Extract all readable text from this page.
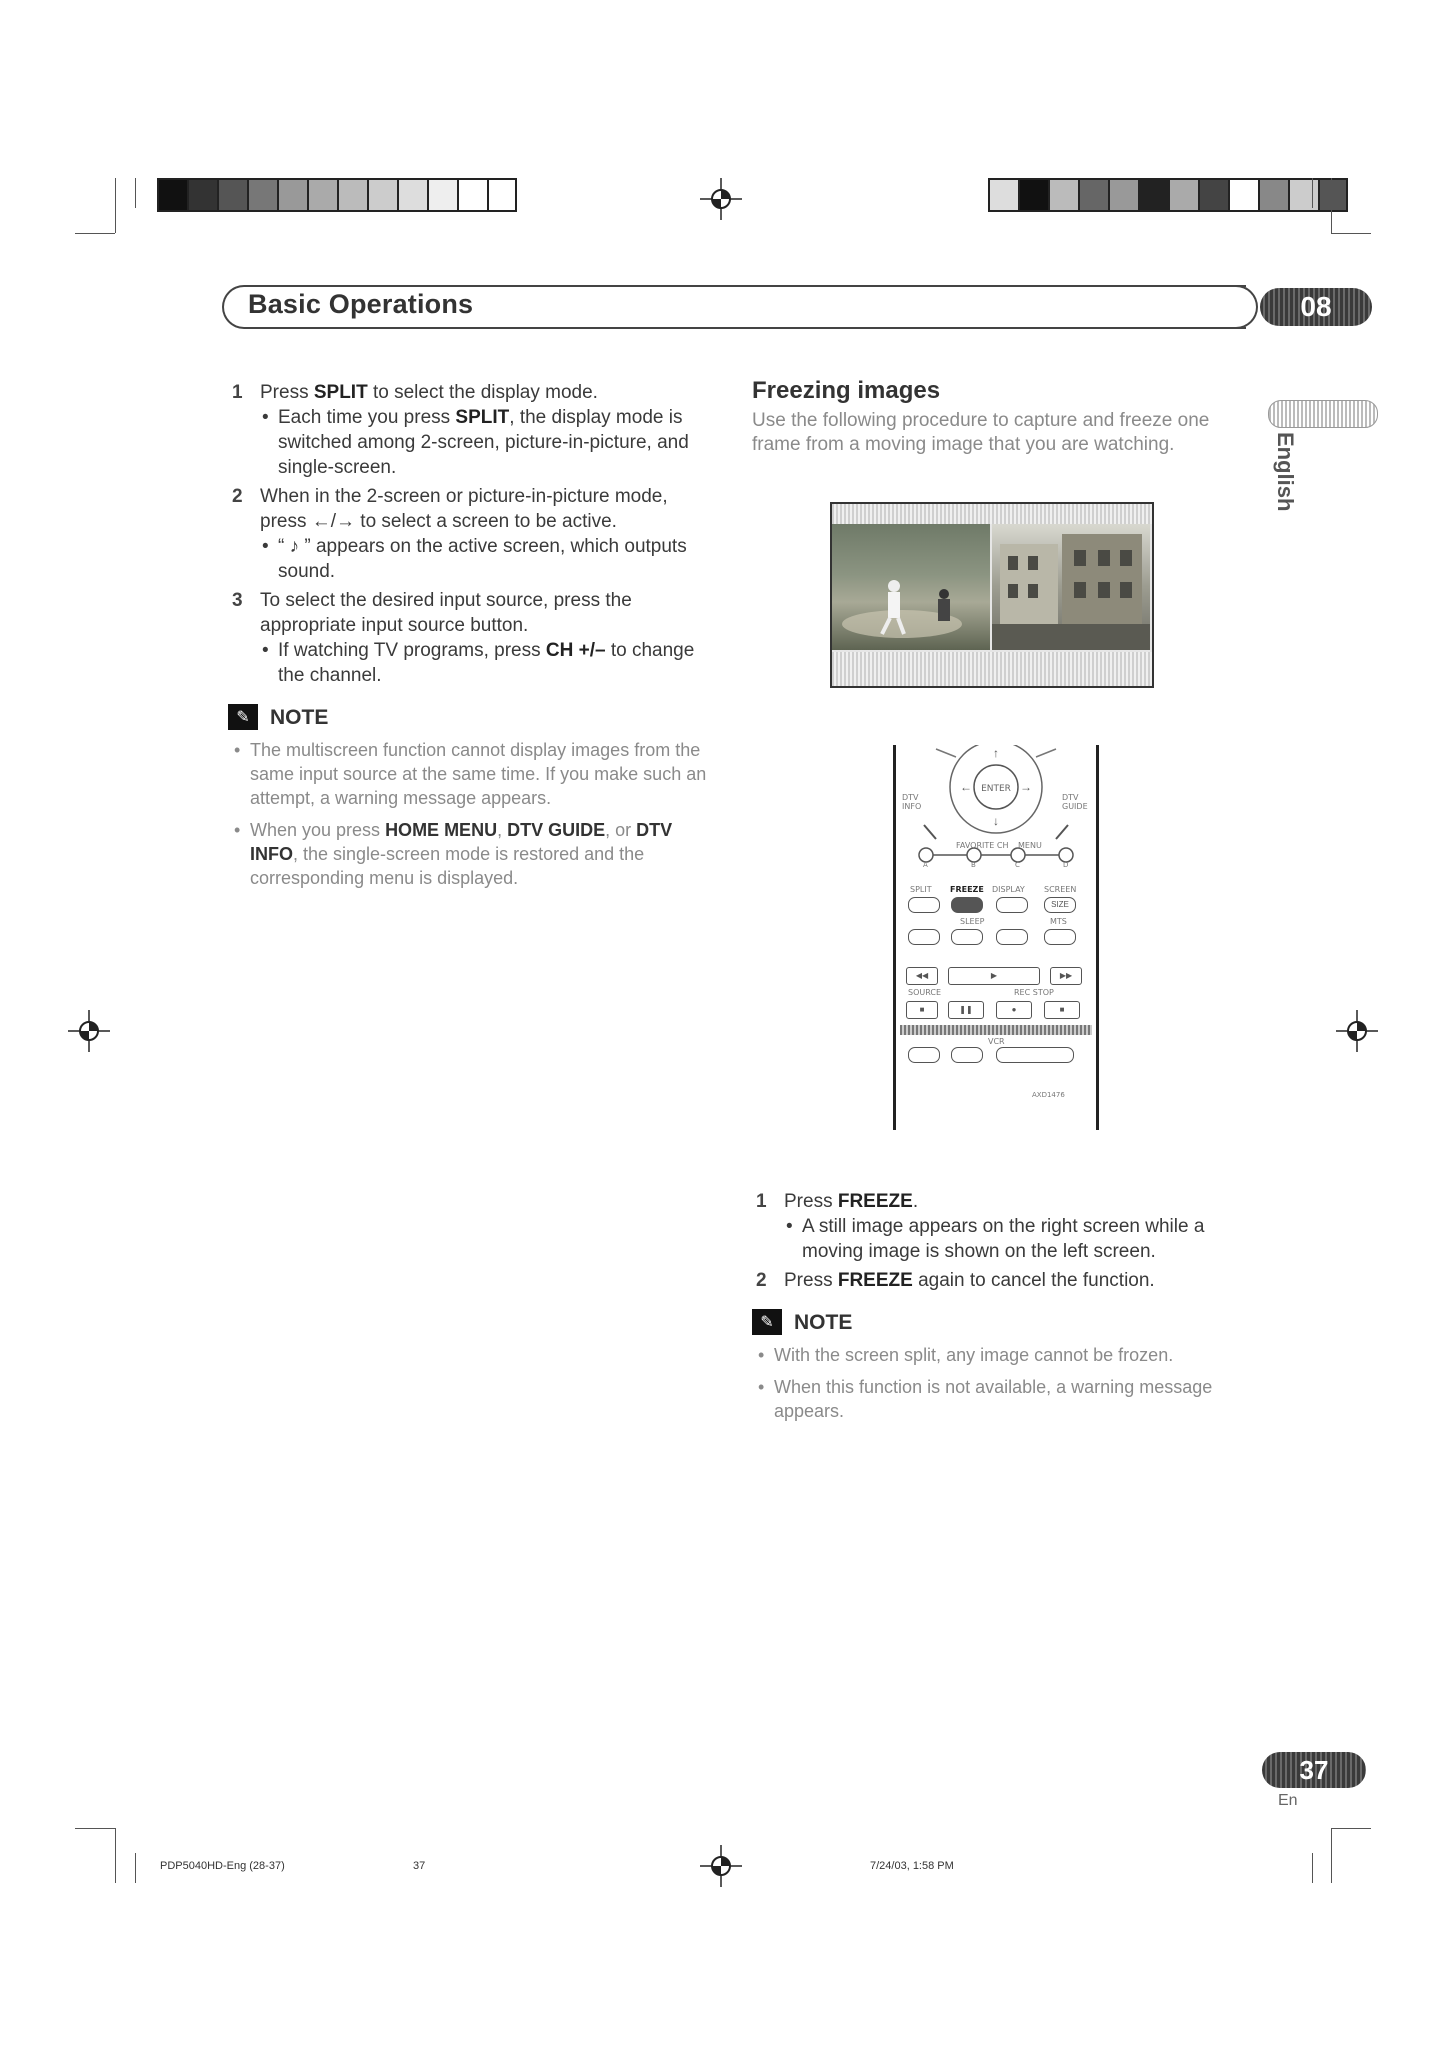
Basic Operations	08
English

1 Press SPLIT to select the display mode.

• Each time you press SPLIT, the display mode is switched among 2-screen, picture-in-picture, and single-screen.

2 When in the 2-screen or picture-in-picture mode, press ←/→ to select a screen to be active.

• “ ♪ ” appears on the active screen, which outputs sound.

3 To select the desired input source, press the appropriate input source button.

• If watching TV programs, press CH +/– to change the channel.

✎ NOTE

• The multiscreen function cannot display images from the same input source at the same time. If you make such an attempt, a warning message appears.

• When you press HOME MENU, DTV GUIDE, or DTV INFO, the single-screen mode is restored and the corresponding menu is displayed.

Freezing images
Use the following procedure to capture and freeze one frame from a moving image that you are watching.
ENTER
←	→
↑
↓
DTV INFO
DTV GUIDE
FAVORITE CH MENU
A	B	C	D
SPLIT FREEZE DISPLAY SCREEN
SIZE
SLEEP	MTS
◀◀	▶	▶▶
SOURCE	REC STOP
■	❚❚	●	■
VCR
AXD1476

1 Press FREEZE.

• A still image appears on the right screen while a moving image is shown on the left screen.

2 Press FREEZE again to cancel the function.

✎ NOTE

• With the screen split, any image cannot be frozen.

• When this function is not available, a warning message appears.

37
En
PDP5040HD-Eng (28-37)	37	7/24/03, 1:58 PM
